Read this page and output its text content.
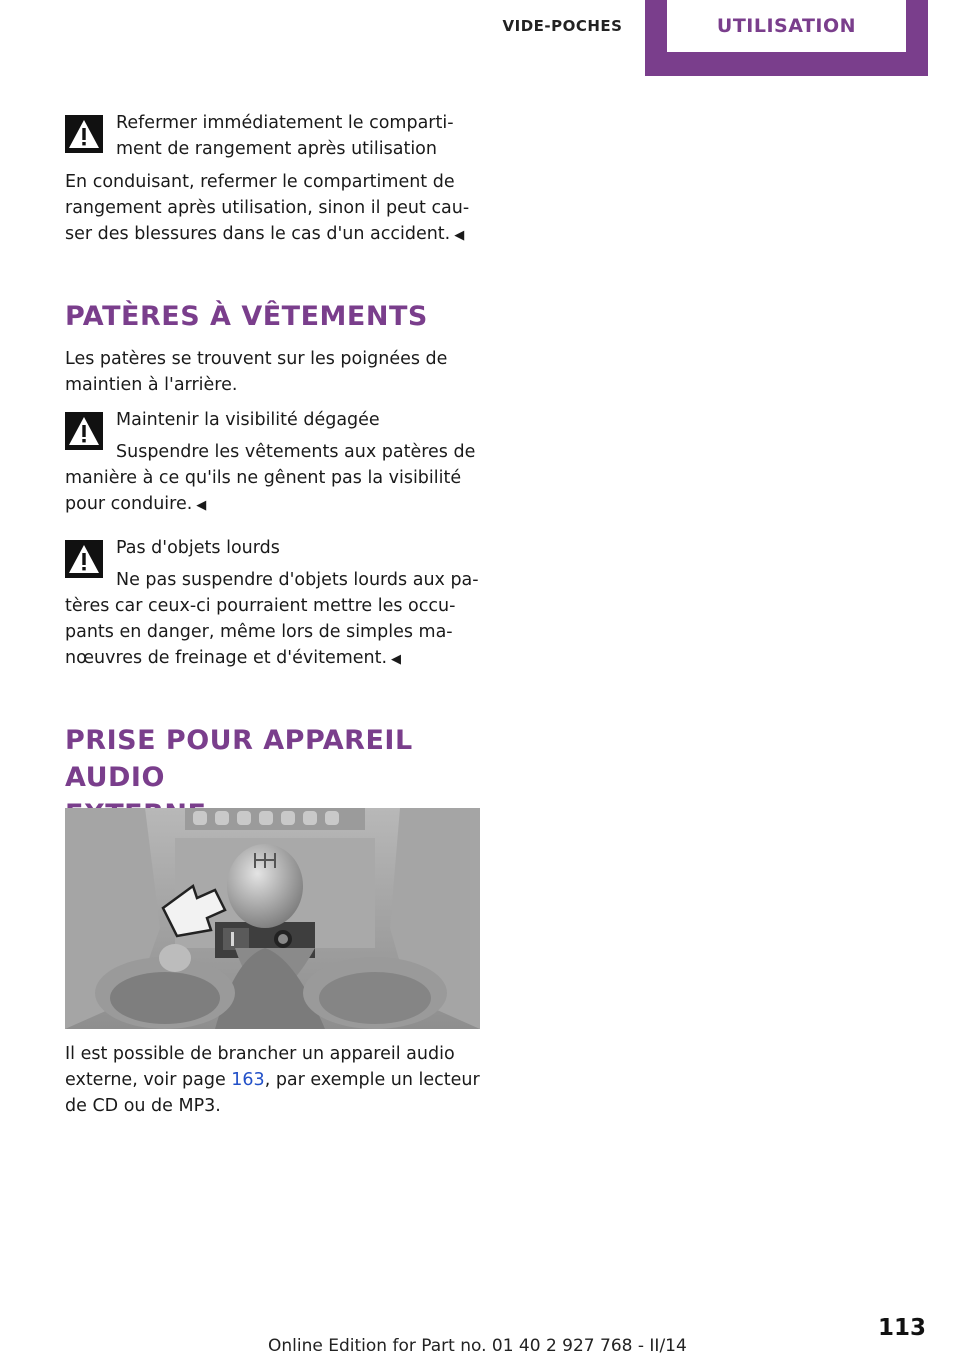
VIDE-POCHES	UTILISATION
Refermer immédiatement le comparti‐
ment de rangement après utilisation
En conduisant, refermer le compartiment de
rangement après utilisation, sinon il peut cau‐
ser des blessures dans le cas d'un accident. ◀
PATÈRES À VÊTEMENTS
Les patères se trouvent sur les poignées de
maintien à l'arrière.
Maintenir la visibilité dégagée
Suspendre les vêtements aux patères de
manière à ce qu'ils ne gênent pas la visibilité
pour conduire. ◀
Pas d'objets lourds
Ne pas suspendre d'objets lourds aux pa‐
tères car ceux-ci pourraient mettre les occu‐
pants en danger, même lors de simples ma‐
nœuvres de freinage et d'évitement. ◀
PRISE POUR APPAREIL AUDIO
Il est possible de brancher un appareil audio
externe, voir page 163, par exemple un lecteur
de CD ou de MP3.
113
Online Edition for Part no. 01 40 2 927 768 - II/14
